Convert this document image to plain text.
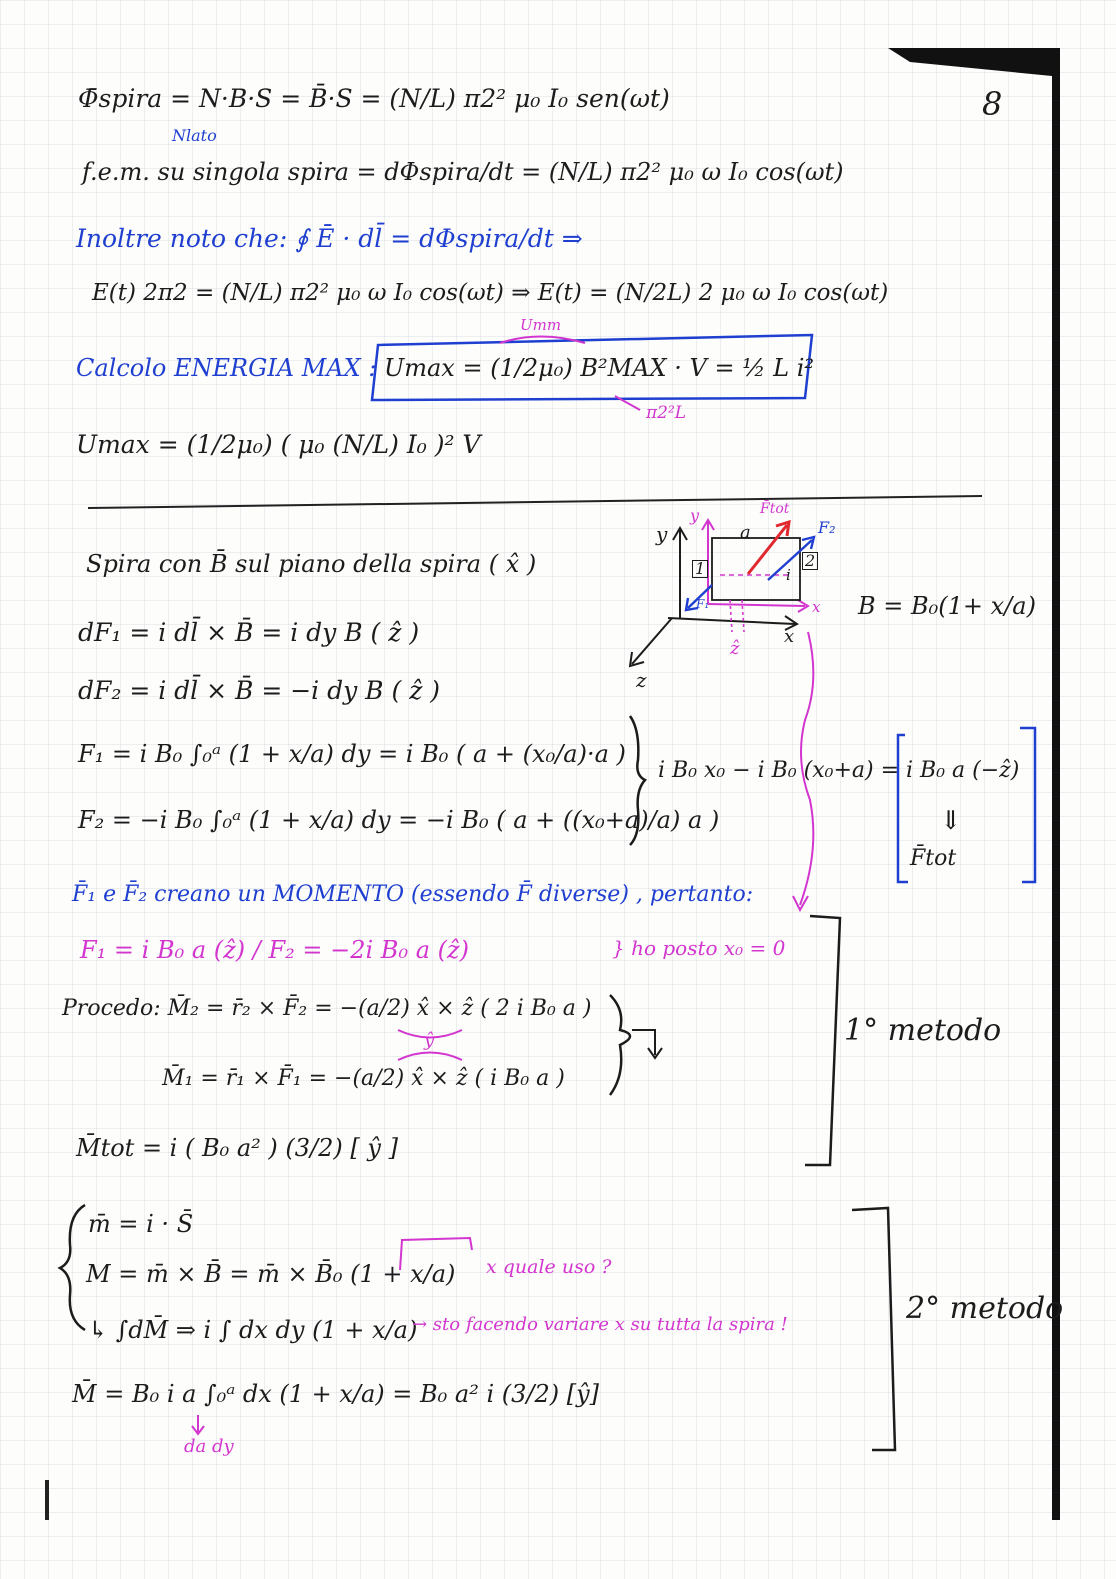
8
Φ̄spira = N·B·S = B̄·S = (N/L) π2² μ₀ I₀ sen(ωt)
Nlato
f.e.m. su singola spira = dΦspira/dt = (N/L) π2² μ₀ ω I₀ cos(ωt)
Inoltre noto che: ∮ Ē · dl̄ = dΦspira/dt ⇒
E(t) 2π2 = (N/L) π2² μ₀ ω I₀ cos(ωt) ⇒ E(t) = (N/2L) 2 μ₀ ω I₀ cos(ωt)
Umm
Calcolo ENERGIA MAX : Umax = (1/2μ₀) B²MAX · V = ½ L i²
π2²L
Umax = (1/2μ₀) ( μ₀ (N/L) I₀ )² V
Spira con B̄ sul piano della spira ( x̂ )
dF₁ = i dl̄ × B̄ = i dy B ( ẑ )
dF₂ = i dl̄ × B̄ = −i dy B ( ẑ )
F₁ = i B₀ ∫₀ᵃ (1 + x/a) dy = i B₀ ( a + (x₀/a)·a )
F₂ = −i B₀ ∫₀ᵃ (1 + x/a) dy = −i B₀ ( a + ((x₀+a)/a) a )
i B₀ x₀ − i B₀ (x₀+a) = i B₀ a (−ẑ)
⇓
F̄tot
y
y
a
F̄tot
F₂
1	2
i
F₁	x
x
ẑ
z
B = B₀(1+ x/a)
F̄₁ e F̄₂ creano un MOMENTO (essendo F̄ diverse) , pertanto:
F₁ = i B₀ a (ẑ) / F₂ = −2i B₀ a (ẑ)	} ho posto x₀ = 0
Procedo: M̄₂ = r̄₂ × F̄₂ = −(a/2) x̂ × ẑ ( 2 i B₀ a )
ŷ
M̄₁ = r̄₁ × F̄₁ = −(a/2) x̂ × ẑ ( i B₀ a )
M̄tot = i ( B₀ a² ) (3/2) [ ŷ ]
1° metodo
m̄ = i · S̄
M = m̄ × B̄ = m̄ × B̄₀ (1 + x/a) x quale uso ?
↳ ∫dM̄ ⇒ i ∫ dx dy (1 + x/a)
→ sto facendo variare x su tutta la spira !
M̄ = B₀ i a ∫₀ᵃ dx (1 + x/a) = B₀ a² i (3/2) [ŷ]
da dy
2° metodo
